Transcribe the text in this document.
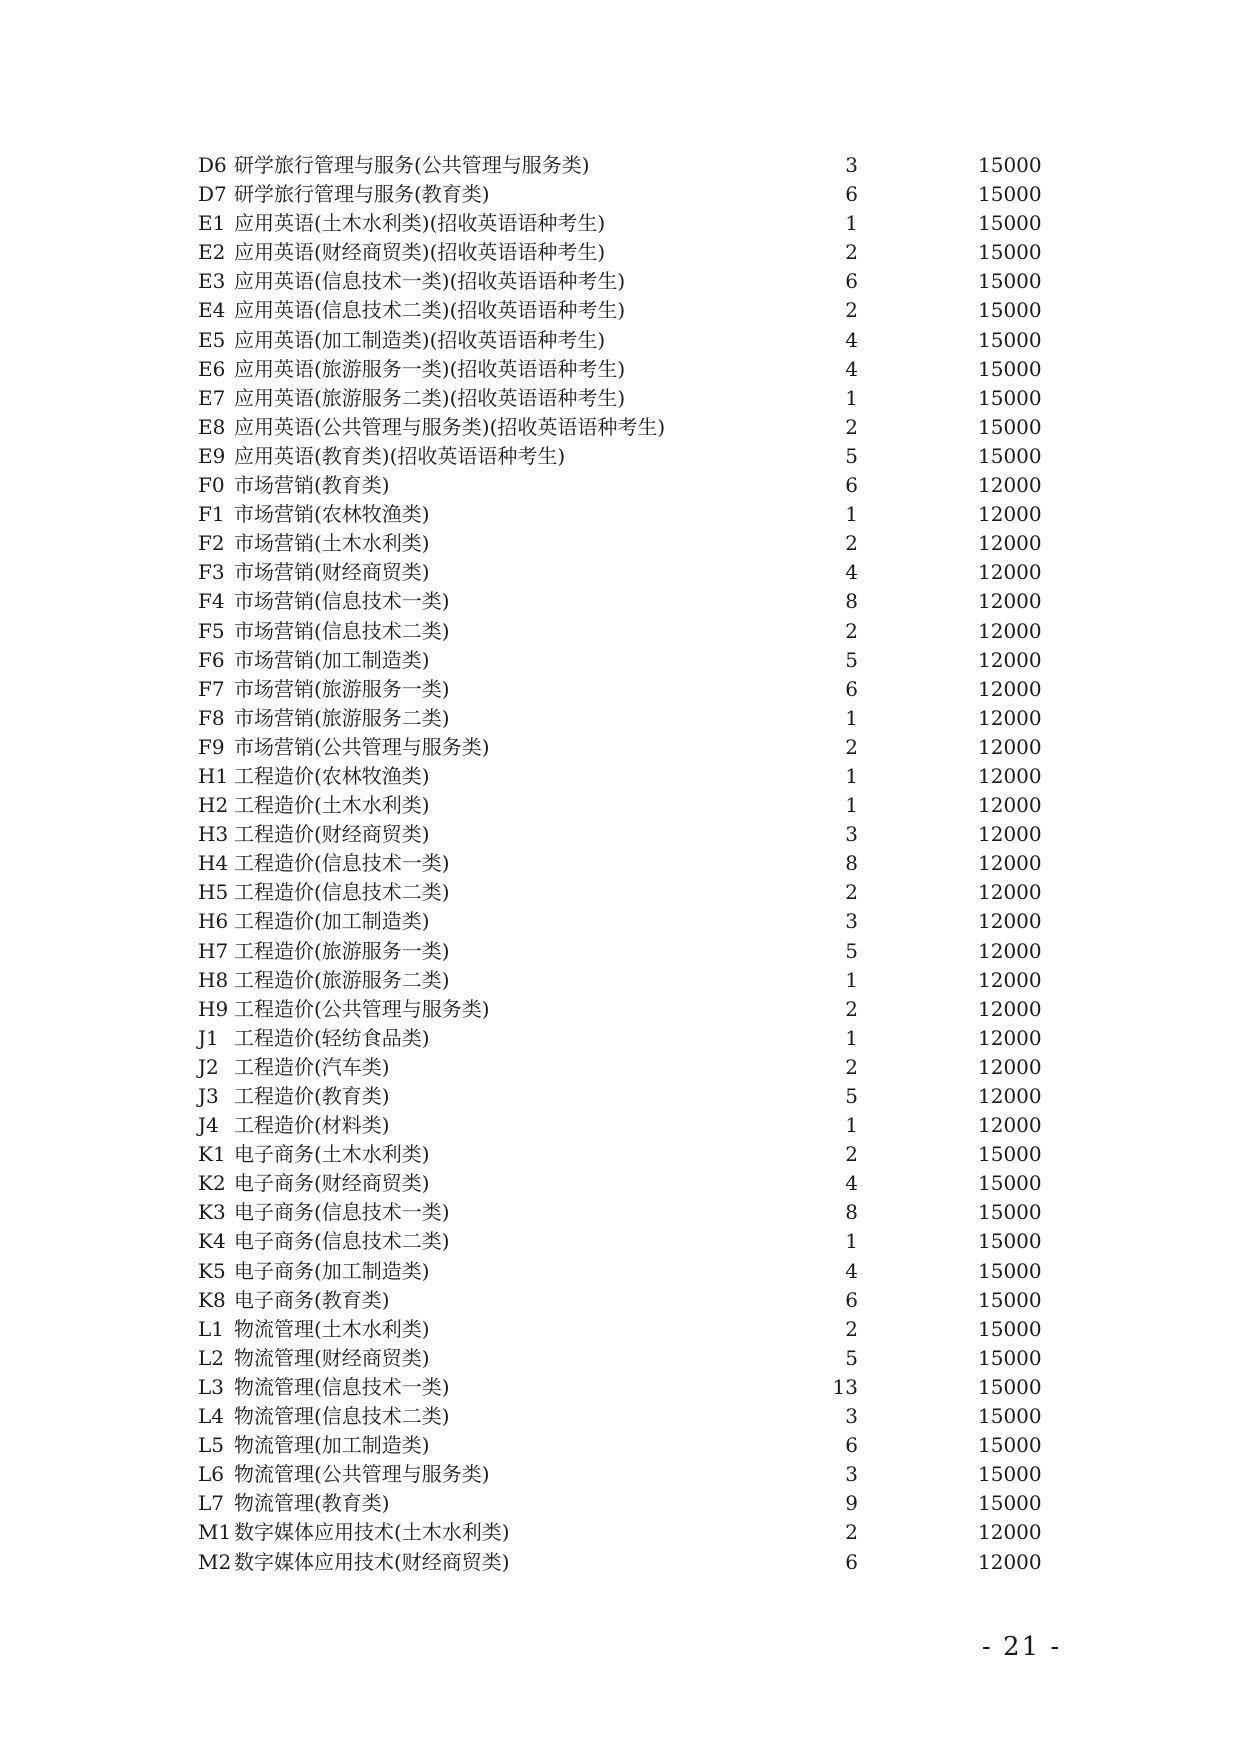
D6 研学旅行管理与服务(公共管理与服务类)	3	15000
D7 研学旅行管理与服务(教育类)	6	15000
E1 应用英语(土木水利类)(招收英语语种考生)	1	15000
E2 应用英语(财经商贸类)(招收英语语种考生)	2	15000
E3 应用英语(信息技术一类)(招收英语语种考生)	6	15000
E4 应用英语(信息技术二类)(招收英语语种考生)	2	15000
E5 应用英语(加工制造类)(招收英语语种考生)	4	15000
E6 应用英语(旅游服务一类)(招收英语语种考生)	4	15000
E7 应用英语(旅游服务二类)(招收英语语种考生)	1	15000
E8 应用英语(公共管理与服务类)(招收英语语种考生)	2	15000
E9 应用英语(教育类)(招收英语语种考生)	5	15000
F0 市场营销(教育类)	6	12000
F1 市场营销(农林牧渔类)	1	12000
F2 市场营销(土木水利类)	2	12000
F3 市场营销(财经商贸类)	4	12000
F4 市场营销(信息技术一类)	8	12000
F5 市场营销(信息技术二类)	2	12000
F6 市场营销(加工制造类)	5	12000
F7 市场营销(旅游服务一类)	6	12000
F8 市场营销(旅游服务二类)	1	12000
F9 市场营销(公共管理与服务类)	2	12000
H1 工程造价(农林牧渔类)	1	12000
H2 工程造价(土木水利类)	1	12000
H3 工程造价(财经商贸类)	3	12000
H4 工程造价(信息技术一类)	8	12000
H5 工程造价(信息技术二类)	2	12000
H6 工程造价(加工制造类)	3	12000
H7 工程造价(旅游服务一类)	5	12000
H8 工程造价(旅游服务二类)	1	12000
H9 工程造价(公共管理与服务类)	2	12000
J1 工程造价(轻纺食品类)	1	12000
J2 工程造价(汽车类)	2	12000
J3 工程造价(教育类)	5	12000
J4 工程造价(材料类)	1	12000
K1 电子商务(土木水利类)	2	15000
K2 电子商务(财经商贸类)	4	15000
K3 电子商务(信息技术一类)	8	15000
K4 电子商务(信息技术二类)	1	15000
K5 电子商务(加工制造类)	4	15000
K8 电子商务(教育类)	6	15000
L1 物流管理(土木水利类)	2	15000
L2 物流管理(财经商贸类)	5	15000
L3 物流管理(信息技术一类)	13	15000
L4 物流管理(信息技术二类)	3	15000
L5 物流管理(加工制造类)	6	15000
L6 物流管理(公共管理与服务类)	3	15000
L7 物流管理(教育类)	9	15000
M1 数字媒体应用技术(土木水利类)	2	12000
M2 数字媒体应用技术(财经商贸类)	6	12000
- 21 -
